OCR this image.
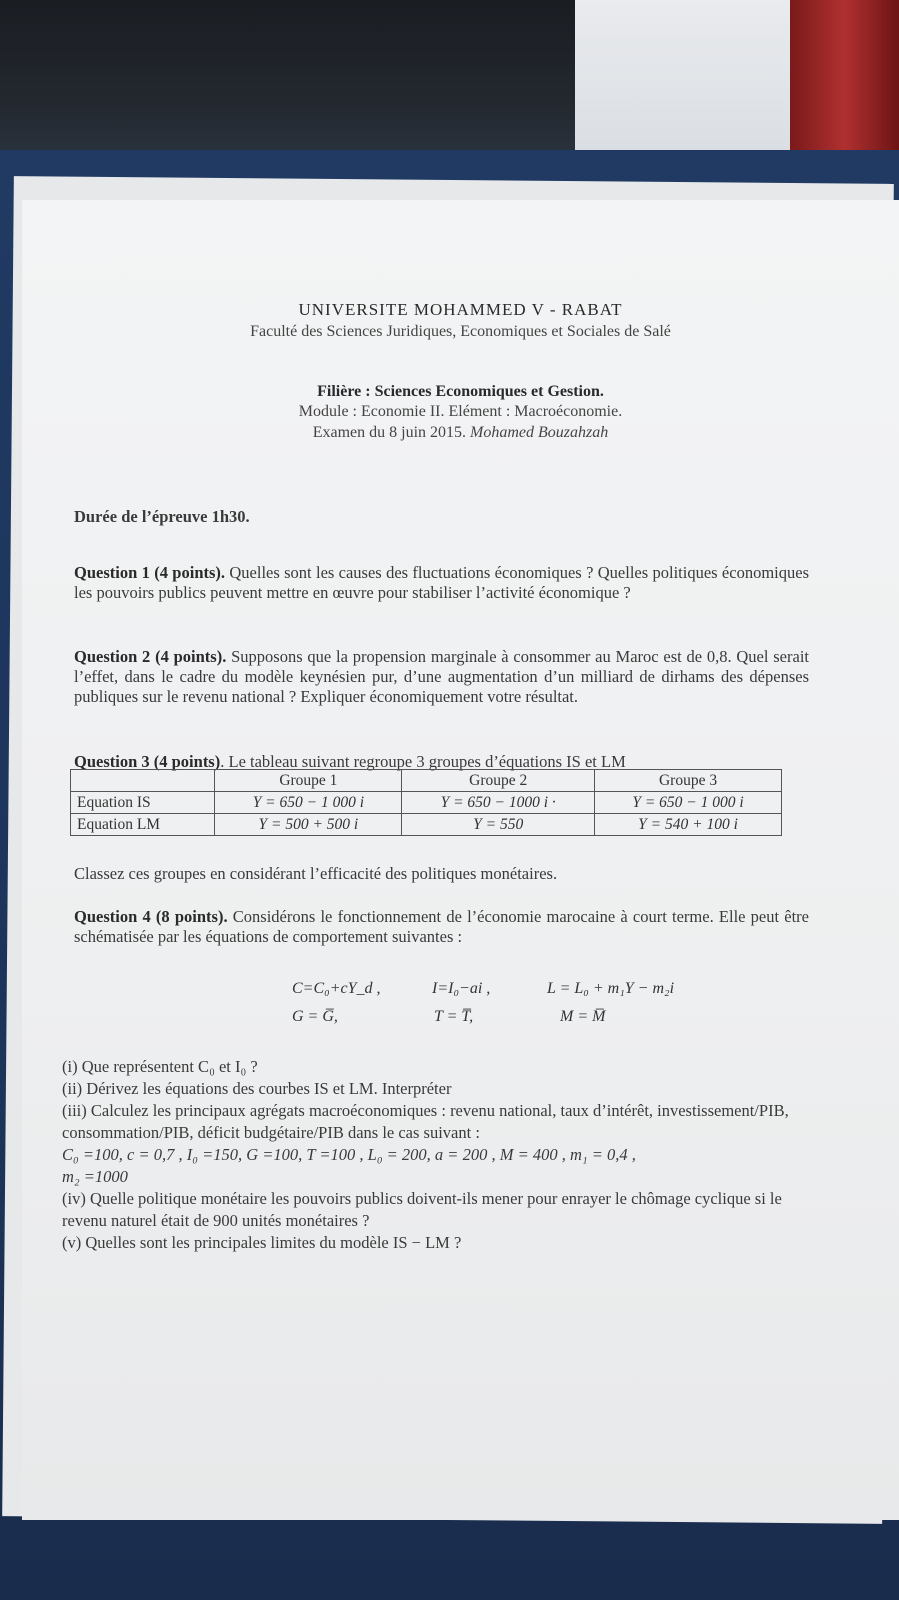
UNIVERSITE MOHAMMED V - RABAT
Faculté des Sciences Juridiques, Economiques et Sociales de Salé
Filière : Sciences Economiques et Gestion.
Module : Economie II. Elément : Macroéconomie.
Examen du 8 juin 2015. Mohamed Bouzahzah
Durée de l’épreuve 1h30.
Question 1 (4 points). Quelles sont les causes des fluctuations économiques ? Quelles politiques économiques les pouvoirs publics peuvent mettre en œuvre pour stabiliser l’activité économique ?
Question 2 (4 points). Supposons que la propension marginale à consommer au Maroc est de 0,8. Quel serait l’effet, dans le cadre du modèle keynésien pur, d’une augmentation d’un milliard de dirhams des dépenses publiques sur le revenu national ? Expliquer économiquement votre résultat.
Question 3 (4 points). Le tableau suivant regroupe 3 groupes d’équations IS et LM
	Groupe 1	Groupe 2	Groupe 3
Equation IS	Y = 650 − 1 000 i	Y = 650 − 1000 i ·	Y = 650 − 1 000 i
Equation LM	Y = 500 + 500 i	Y = 550	Y = 540 + 100 i
Classez ces groupes en considérant l’efficacité des politiques monétaires.
Question 4 (8 points). Considérons le fonctionnement de l’économie marocaine à court terme. Elle peut être schématisée par les équations de comportement suivantes :
C=C₀+cY_d ,	I=I₀−ai ,	L = L₀ + m₁Y − m₂i
G = G̅,	T = T̅,	M = M̅
(i) Que représentent C₀ et I₀ ?
(ii) Dérivez les équations des courbes IS et LM. Interpréter
(iii) Calculez les principaux agrégats macroéconomiques : revenu national, taux d’intérêt, investissement/PIB, consommation/PIB, déficit budgétaire/PIB dans le cas suivant :
C₀ =100, c = 0,7 , I₀ =150, G =100, T =100 , L₀ = 200, a = 200 , M = 400 , m₁ = 0,4 ,
m₂ =1000
(iv) Quelle politique monétaire les pouvoirs publics doivent-ils mener pour enrayer le chômage cyclique si le revenu naturel était de 900 unités monétaires ?
(v) Quelles sont les principales limites du modèle IS − LM ?
